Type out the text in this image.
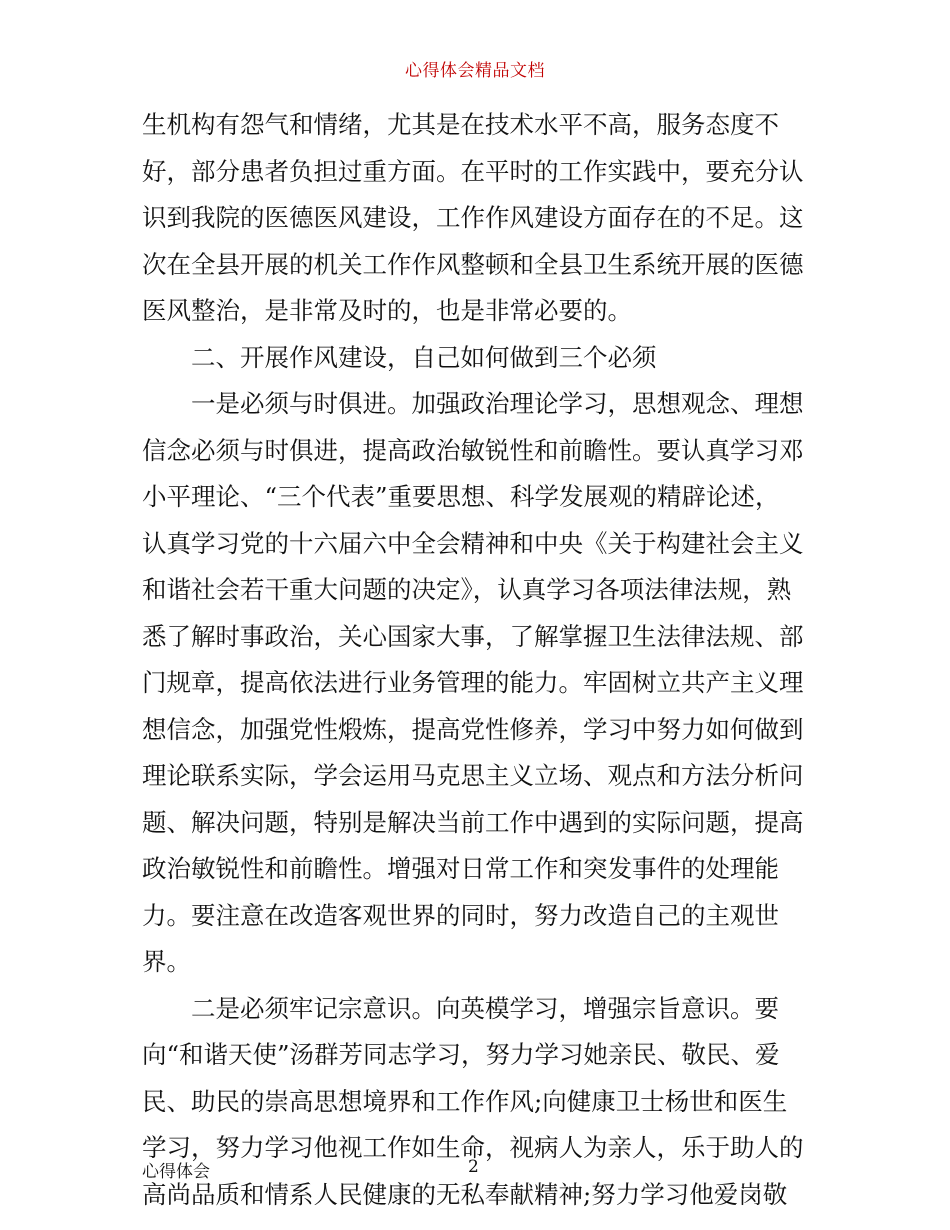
心得体会精品文档
生机构有怨气和情绪，尤其是在技术水平不高，服务态度不
好，部分患者负担过重方面。在平时的工作实践中，要充分认
识到我院的医德医风建设，工作作风建设方面存在的不足。这
次在全县开展的机关工作作风整顿和全县卫生系统开展的医德
医风整治，是非常及时的，也是非常必要的。
二、开展作风建设，自己如何做到三个必须
一是必须与时俱进。加强政治理论学习，思想观念、理想
信念必须与时俱进，提高政治敏锐性和前瞻性。要认真学习邓
小平理论、“三个代表”重要思想、科学发展观的精辟论述，
认真学习党的十六届六中全会精神和中央《关于构建社会主义
和谐社会若干重大问题的决定》，认真学习各项法律法规，熟
悉了解时事政治，关心国家大事，了解掌握卫生法律法规、部
门规章，提高依法进行业务管理的能力。牢固树立共产主义理
想信念，加强党性煅炼，提高党性修养，学习中努力如何做到
理论联系实际，学会运用马克思主义立场、观点和方法分析问
题、解决问题，特别是解决当前工作中遇到的实际问题，提高
政治敏锐性和前瞻性。增强对日常工作和突发事件的处理能
力。要注意在改造客观世界的同时，努力改造自己的主观世
界。
二是必须牢记宗意识。向英模学习，增强宗旨意识。要
向“和谐天使”汤群芳同志学习，努力学习她亲民、敬民、爱
民、助民的崇高思想境界和工作作风;向健康卫士杨世和医生
学习，努力学习他视工作如生命，视病人为亲人，乐于助人的
高尚品质和情系人民健康的无私奉献精神;努力学习他爱岗敬
心得体会	2
